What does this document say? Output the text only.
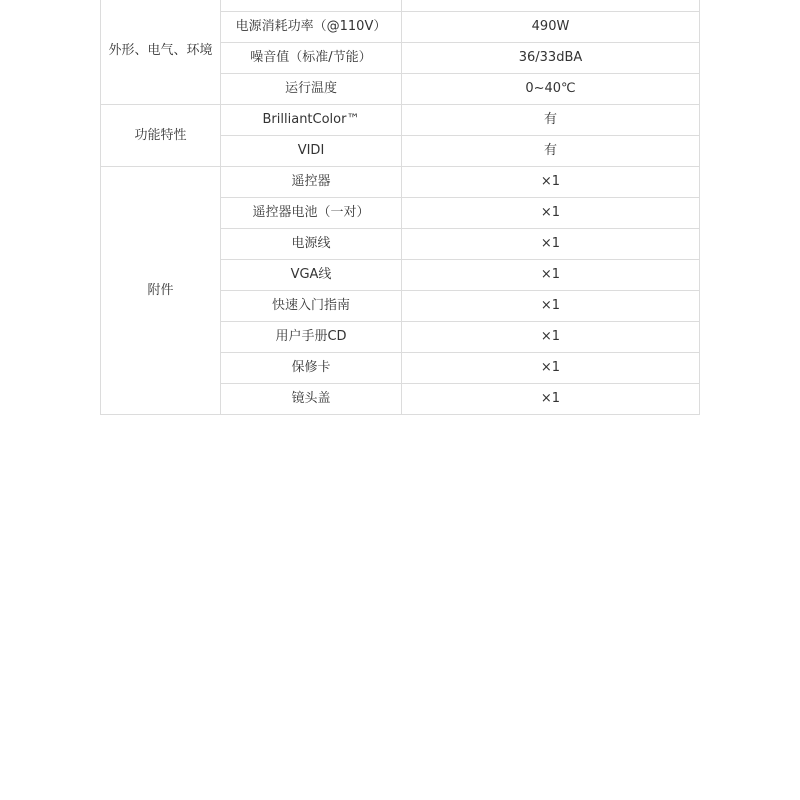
外形、电气、环境		

	电源消耗功率（@110V）	490W
	噪音值（标准/节能）	36/33dBA
	运行温度	0~40℃
功能特性	BrilliantColor™	有
	VIDI	有
附件	遥控器	×1
	遥控器电池（一对）	×1
	电源线	×1
	VGA线	×1
	快速入门指南	×1
	用户手册CD	×1
	保修卡	×1
	镜头盖	×1
